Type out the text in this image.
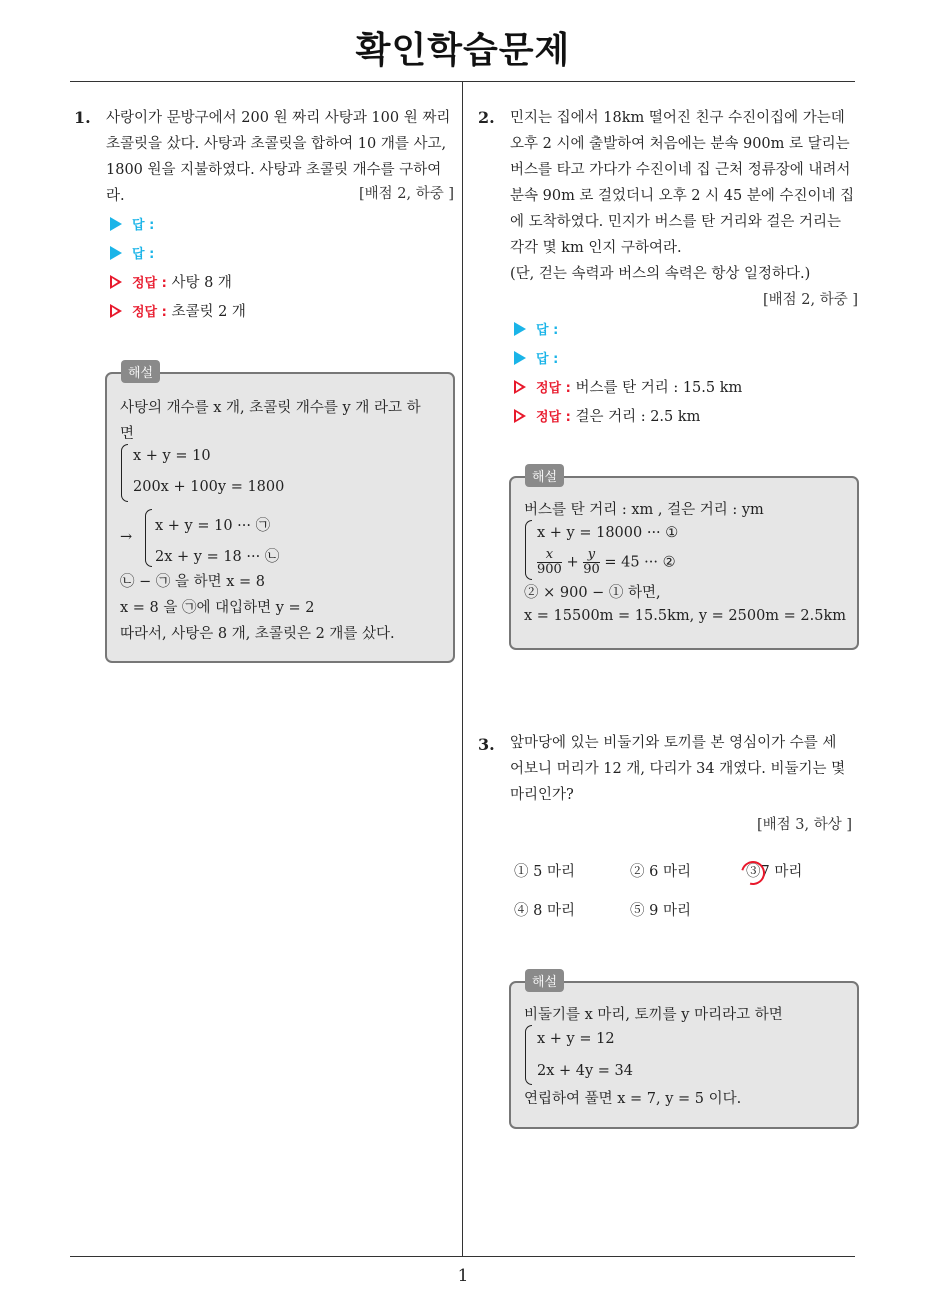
확인학습문제
1
1. 사랑이가 문방구에서 200 원 짜리 사탕과 100 원 짜리
초콜릿을 샀다. 사탕과 초콜릿을 합하여 10 개를 사고,
1800 원을 지불하였다. 사탕과 초콜릿 개수를 구하여
라.	[배점 2, 하중 ]
답 :
답 :
정답 : 사탕 8 개
정답 : 초콜릿 2 개
해설
사탕의 개수를 x 개, 초콜릿 개수를 y 개 라고 하
면
x + y = 10
200x + 100y = 1800
→
x + y = 10 ··· ㉠
2x + y = 18 ··· ㉡
㉡ − ㉠ 을 하면 x = 8
x = 8 을 ㉠에 대입하면 y = 2
따라서, 사탕은 8 개, 초콜릿은 2 개를 샀다.
2. 민지는 집에서 18km 떨어진 친구 수진이집에 가는데
오후 2 시에 출발하여 처음에는 분속 900m 로 달리는
버스를 타고 가다가 수진이네 집 근처 정류장에 내려서
분속 90m 로 걸었더니 오후 2 시 45 분에 수진이네 집
에 도착하였다. 민지가 버스를 탄 거리와 걸은 거리는
각각 몇 km 인지 구하여라.
(단, 걷는 속력과 버스의 속력은 항상 일정하다.)
[배점 2, 하중 ]
답 :
답 :
정답 : 버스를 탄 거리 : 15.5 km
정답 : 걸은 거리 : 2.5 km
해설
버스를 탄 거리 : xm , 걸은 거리 : ym
x + y = 18000 ··· ①
$\frac{x}{900} + \frac{y}{90} = 45$ ··· ②
② × 900 − ① 하면,
x = 15500m = 15.5km, y = 2500m = 2.5km
3. 앞마당에 있는 비둘기와 토끼를 본 영심이가 수를 세
어보니 머리가 12 개, 다리가 34 개였다. 비둘기는 몇
마리인가?
[배점 3, 하상 ]
① 5 마리	② 6 마리	③7 마리
④ 8 마리	⑤ 9 마리
해설
비둘기를 x 마리, 토끼를 y 마리라고 하면
x + y = 12
2x + 4y = 34
연립하여 풀면 x = 7, y = 5 이다.
